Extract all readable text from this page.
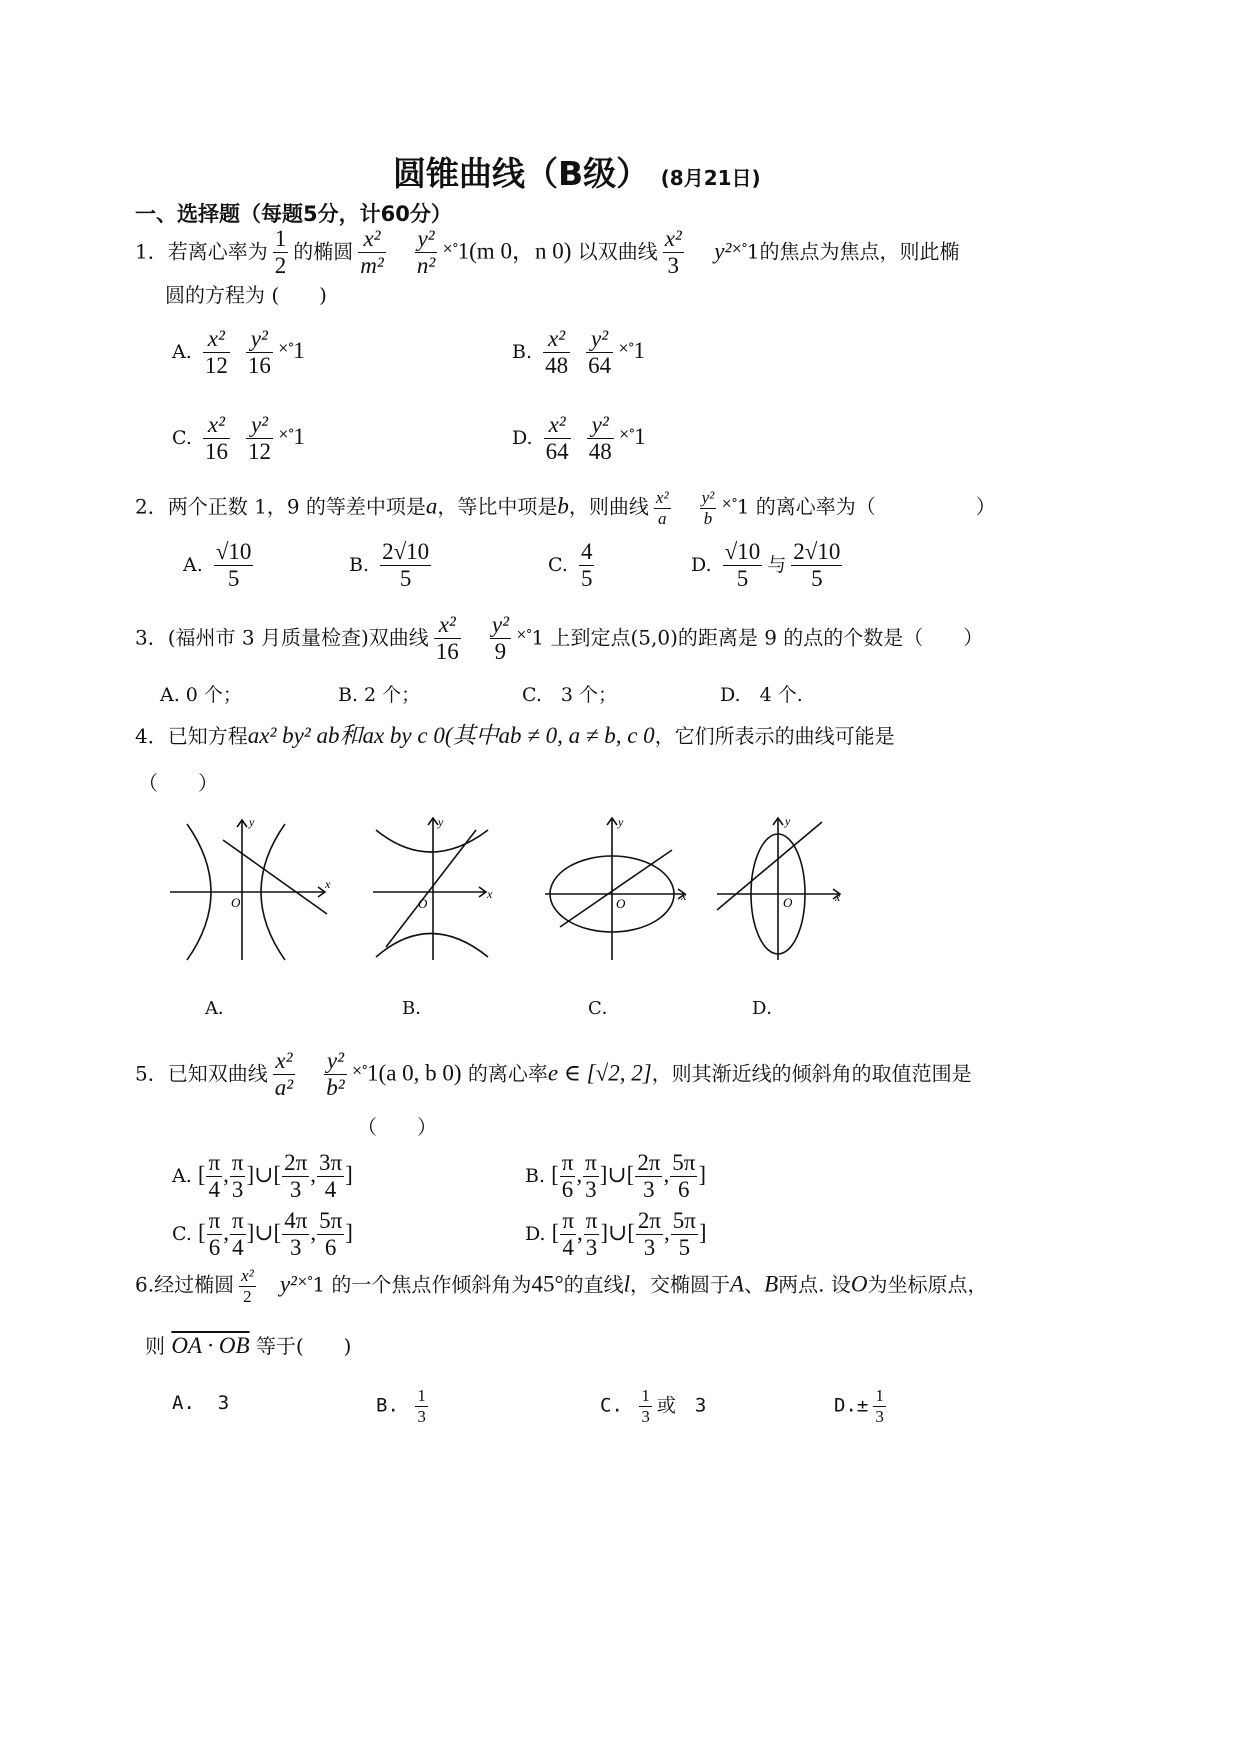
圆锥曲线（B级） (8月21日)
一、选择题（每题5分，计60分）
1．若离心率为 $\frac{1}{2}$ 的椭圆 $\frac{\text{x²}}{\text{m²}}$
$\frac{\text{y²}}{\text{n²}} ^{\times^\circ}1(m$ 0，n 0) 以双曲线 $\frac{\text{x²}}{3} y^2^{\times^\circ}1$的焦点为焦点，则此椭
圆的方程为 (　　)
A. $\frac{\text{x²}}{12}$
$\frac{\text{y²}}{16} ^{\times^\circ}1$	B. $\frac{\text{x²}}{48}$
$\frac{\text{y²}}{64} ^{\times^\circ}1$
C. $\frac{\text{x²}}{16}$
$\frac{\text{y²}}{12} ^{\times^\circ}1$	D. $\frac{\text{x²}}{64}$
$\frac{\text{y²}}{48} ^{\times^\circ}1$
2．两个正数 1，9 的等差中项是a，等比中项是b，则曲线 $\frac{\text{x²}}{a}$
$\frac{\text{y²}}{b} ^{\times^\circ}1$ 的离心率为（　　　　　）
A. $\frac{√10}{5}$	B. $\frac{2√10}{5}$	C. $\frac{4}{5}$	D. $\frac{√10}{5}$ 与 $\frac{2√10}{5}$
3．(福州市 3 月质量检查)双曲线 $\frac{\text{x²}}{16}$
$\frac{\text{y²}}{9} ^{\times^\circ}1$ 上到定点(5,0)的距离是 9 的点的个数是（　　）
A. 0 个；	B. 2 个；	C.　3 个；	D.　4 个.
4．已知方程ax² by² ab和ax by c 0(其中ab ≠ 0, a ≠ b, c 0，它们所表示的曲线可能是
（　　）
y
x
O
y
x
O
y
x
O
y
x
O
A．	B．	C．	D．
5．已知双曲线 $\frac{\text{x²}}{\text{a²}}$
$\frac{\text{y²}}{\text{b²}} ^{\times^\circ}1(a$ 0, b 0) 的离心率e ∈ [√2, 2]，则其渐近线的倾斜角的取值范围是
（　　）
A. [ $\frac{\pi}{4}$ , $\frac{\pi}{3}$ ]∪[ $\frac{2\pi}{3}$ , $\frac{3\pi}{4}$ ]	B. [ $\frac{\pi}{6}$ , $\frac{\pi}{3}$ ]∪[ $\frac{2\pi}{3}$ , $\frac{5\pi}{6}$ ]
C. [ $\frac{\pi}{6}$ , $\frac{\pi}{4}$ ]∪[ $\frac{4\pi}{3}$ , $\frac{5\pi}{6}$ ]	D. [ $\frac{\pi}{4}$ , $\frac{\pi}{3}$ ]∪[ $\frac{2\pi}{3}$ , $\frac{5\pi}{5}$ ]
6.经过椭圆 $\frac{\text{x²}}{2} y^2^{\times^\circ}1$ 的一个焦点作倾斜角为45°的直线l，交椭圆于A、B两点. 设O为坐标原点，
则 OA · OB 等于(　　)
A. 3	B. $\frac{1}{3}$	C. $\frac{1}{3}$ 或　3	$D.\pm \frac{1}{3}$
